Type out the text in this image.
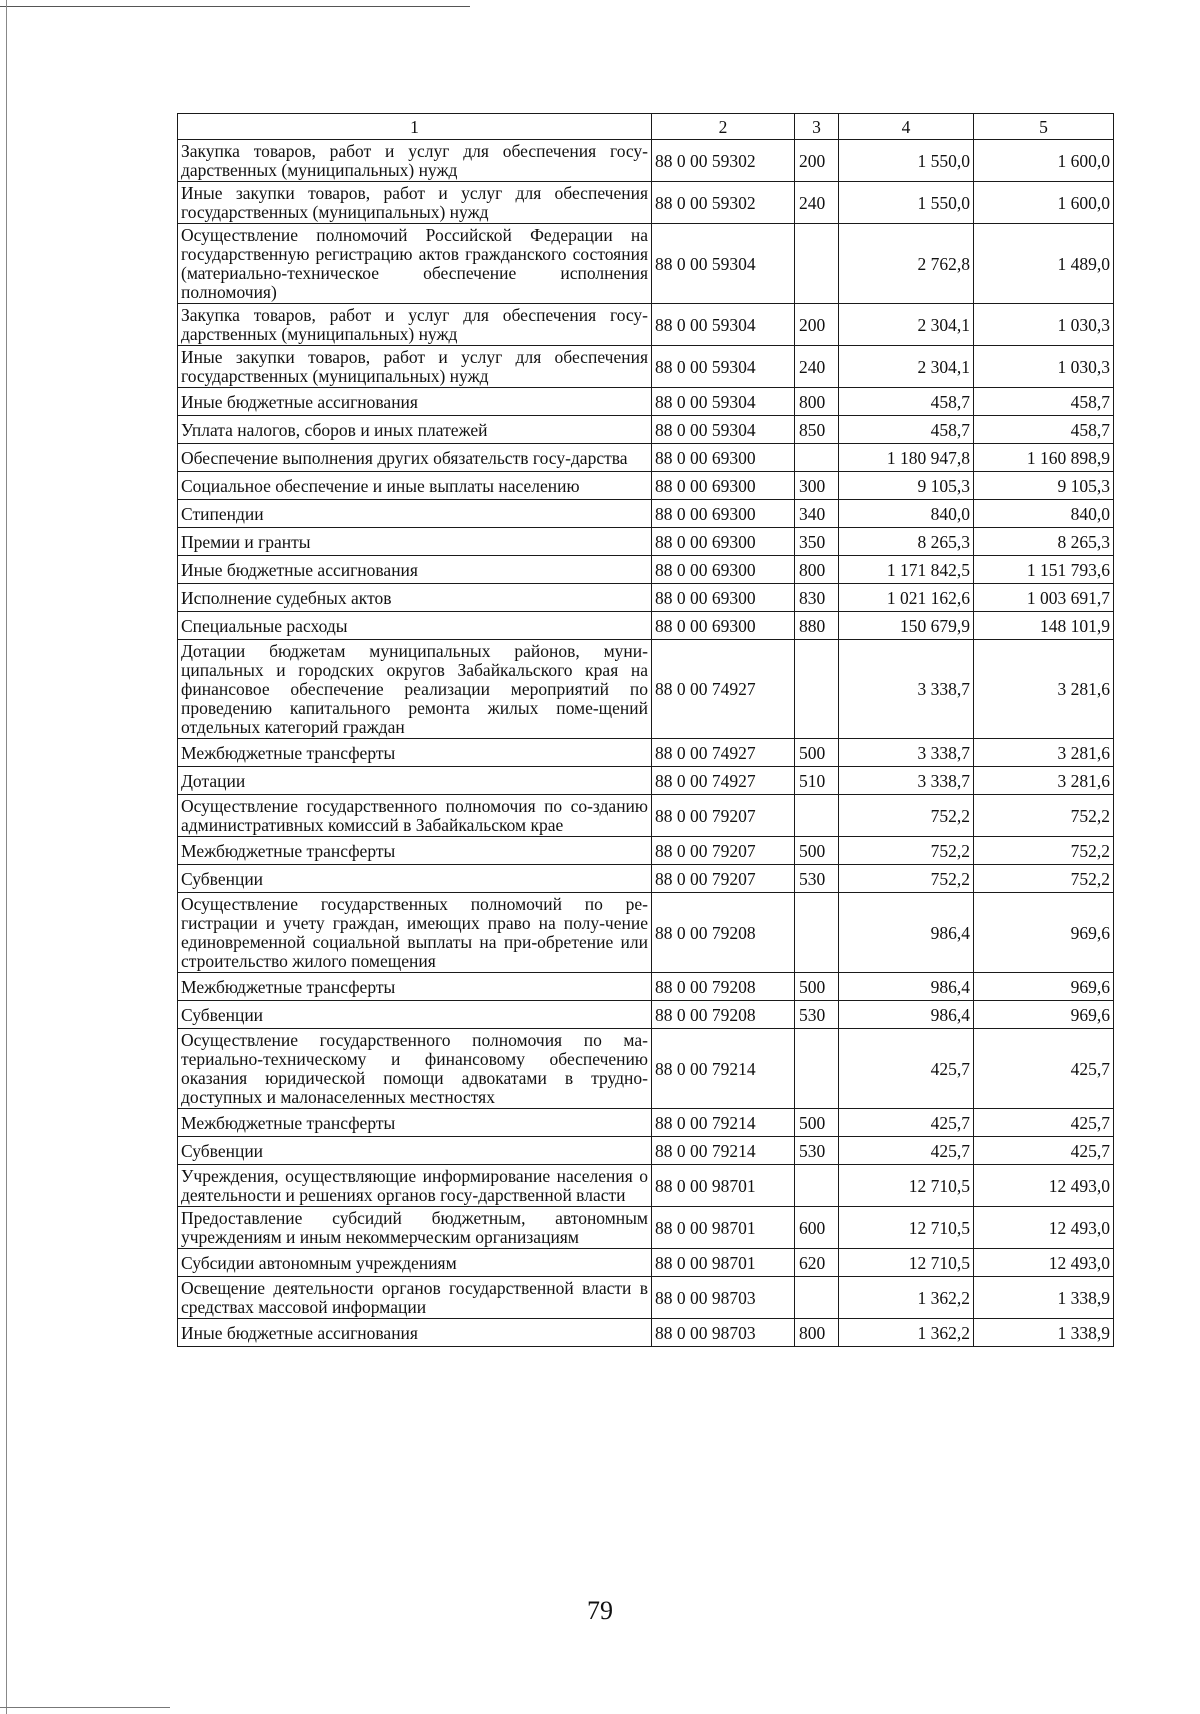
1	2	3	4	5
Закупка товаров, работ и услуг для обеспечения госу-дарственных (муниципальных) нужд	88 0 00 59302	200	1 550,0	1 600,0
Иные закупки товаров, работ и услуг для обеспечения государственных (муниципальных) нужд	88 0 00 59302	240	1 550,0	1 600,0
Осуществление полномочий Российской Федерации на государственную регистрацию актов гражданского состояния (материально-техническое обеспечение исполнения полномочия)	88 0 00 59304		2 762,8	1 489,0
Закупка товаров, работ и услуг для обеспечения госу-дарственных (муниципальных) нужд	88 0 00 59304	200	2 304,1	1 030,3
Иные закупки товаров, работ и услуг для обеспечения государственных (муниципальных) нужд	88 0 00 59304	240	2 304,1	1 030,3
Иные бюджетные ассигнования	88 0 00 59304	800	458,7	458,7
Уплата налогов, сборов и иных платежей	88 0 00 59304	850	458,7	458,7
Обеспечение выполнения других обязательств госу-дарства	88 0 00 69300		1 180 947,8	1 160 898,9
Социальное обеспечение и иные выплаты населению	88 0 00 69300	300	9 105,3	9 105,3
Стипендии	88 0 00 69300	340	840,0	840,0
Премии и гранты	88 0 00 69300	350	8 265,3	8 265,3
Иные бюджетные ассигнования	88 0 00 69300	800	1 171 842,5	1 151 793,6
Исполнение судебных актов	88 0 00 69300	830	1 021 162,6	1 003 691,7
Специальные расходы	88 0 00 69300	880	150 679,9	148 101,9
Дотации бюджетам муниципальных районов, муни-ципальных и городских округов Забайкальского края на финансовое обеспечение реализации мероприятий по проведению капитального ремонта жилых поме-щений отдельных категорий граждан	88 0 00 74927		3 338,7	3 281,6
Межбюджетные трансферты	88 0 00 74927	500	3 338,7	3 281,6
Дотации	88 0 00 74927	510	3 338,7	3 281,6
Осуществление государственного полномочия по со-зданию административных комиссий в Забайкальском крае	88 0 00 79207		752,2	752,2
Межбюджетные трансферты	88 0 00 79207	500	752,2	752,2
Субвенции	88 0 00 79207	530	752,2	752,2
Осуществление государственных полномочий по ре-гистрации и учету граждан, имеющих право на полу-чение единовременной социальной выплаты на при-обретение или строительство жилого помещения	88 0 00 79208		986,4	969,6
Межбюджетные трансферты	88 0 00 79208	500	986,4	969,6
Субвенции	88 0 00 79208	530	986,4	969,6
Осуществление государственного полномочия по ма-териально-техническому и финансовому обеспечению оказания юридической помощи адвокатами в трудно-доступных и малонаселенных местностях	88 0 00 79214		425,7	425,7
Межбюджетные трансферты	88 0 00 79214	500	425,7	425,7
Субвенции	88 0 00 79214	530	425,7	425,7
Учреждения, осуществляющие информирование населения о деятельности и решениях органов госу-дарственной власти	88 0 00 98701		12 710,5	12 493,0
Предоставление субсидий бюджетным, автономным учреждениям и иным некоммерческим организациям	88 0 00 98701	600	12 710,5	12 493,0
Субсидии автономным учреждениям	88 0 00 98701	620	12 710,5	12 493,0
Освещение деятельности органов государственной власти в средствах массовой информации	88 0 00 98703		1 362,2	1 338,9
Иные бюджетные ассигнования	88 0 00 98703	800	1 362,2	1 338,9
79
